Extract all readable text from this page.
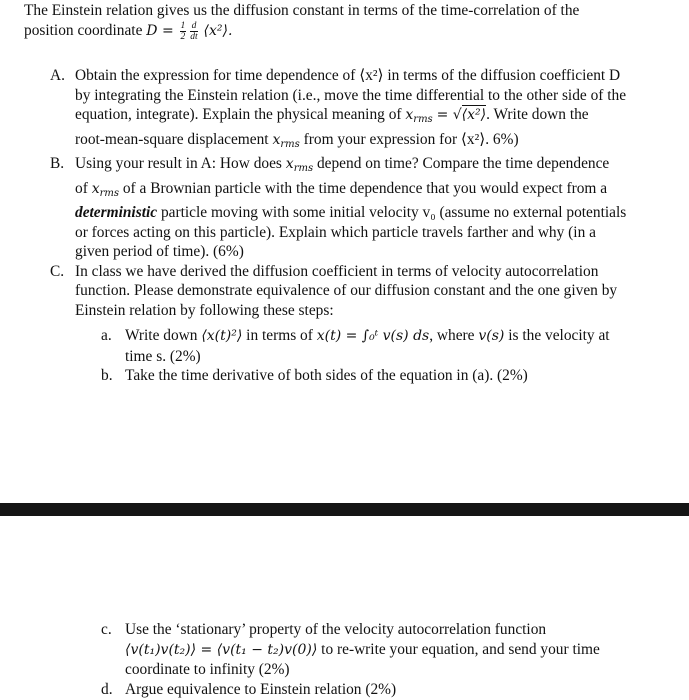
The Einstein relation gives us the diffusion constant in terms of the time-correlation of the
position coordinate $D = \frac{1}{2} \frac{d}{dt}$ ⟨x²⟩.
A. Obtain the expression for time dependence of ⟨x²⟩ in terms of the diffusion coefficient D
by integrating the Einstein relation (i.e., move the time differential to the other side of the
equation, integrate). Explain the physical meaning of $x_{rms}$ = √⟨x²⟩. Write down the
root-mean-square displacement $x_{rms}$ from your expression for ⟨x²⟩. 6%)
B. Using your result in A: How does $x_{rms}$ depend on time? Compare the time dependence
of $x_{rms}$ of a Brownian particle with the time dependence that you would expect from a
deterministic particle moving with some initial velocity v₀ (assume no external potentials
or forces acting on this particle). Explain which particle travels farther and why (in a
given period of time). (6%)
C. In class we have derived the diffusion coefficient in terms of velocity autocorrelation
function. Please demonstrate equivalence of our diffusion constant and the one given by
Einstein relation by following these steps:
a. Write down ⟨x(t)²⟩ in terms of x(t) = ∫₀ᵗ v(s) ds, where v(s) is the velocity at
time s. (2%)
b. Take the time derivative of both sides of the equation in (a). (2%)
c. Use the ‘stationary’ property of the velocity autocorrelation function
⟨v(t₁)v(t₂)⟩ = ⟨v(t₁ − t₂)v(0)⟩ to re-write your equation, and send your time
coordinate to infinity (2%)
d. Argue equivalence to Einstein relation (2%)
